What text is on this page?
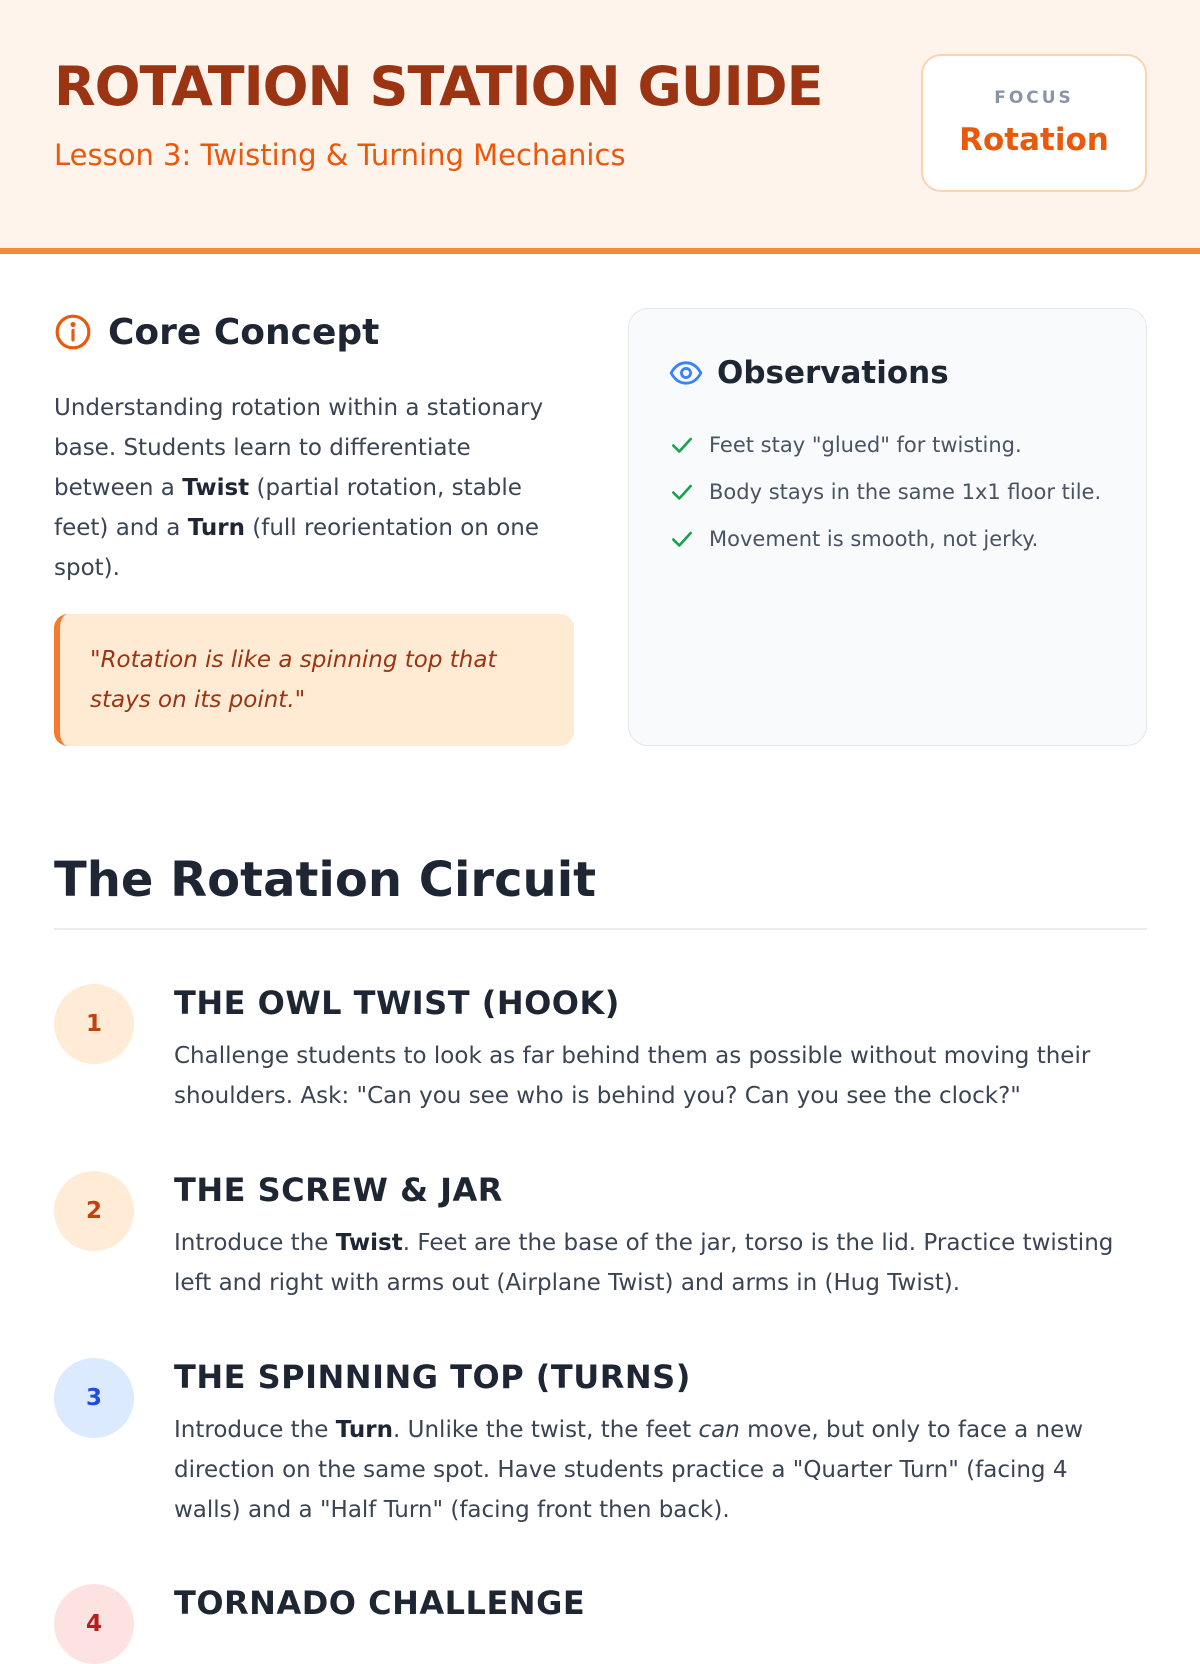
ROTATION STATION GUIDE
Lesson 3: Twisting & Turning Mechanics
FOCUS
Rotation
Core Concept

Understanding rotation within a stationary base. Students learn to differentiate between a Twist (partial rotation, stable feet) and a Turn (full reorientation on one spot).

"Rotation is like a spinning top that stays on its point."
Observations
Feet stay "glued" for twisting.
Body stays in the same 1x1 floor tile.
Movement is smooth, not jerky.
The Rotation Circuit
1
THE OWL TWIST (HOOK)

Challenge students to look as far behind them as possible without moving their shoulders. Ask: "Can you see who is behind you? Can you see the clock?"

2
THE SCREW & JAR

Introduce the Twist. Feet are the base of the jar, torso is the lid. Practice twisting left and right with arms out (Airplane Twist) and arms in (Hug Twist).

3
THE SPINNING TOP (TURNS)

Introduce the Turn. Unlike the twist, the feet can move, but only to face a new direction on the same spot. Have students practice a "Quarter Turn" (facing 4 walls) and a "Half Turn" (facing front then back).

4
TORNADO CHALLENGE
